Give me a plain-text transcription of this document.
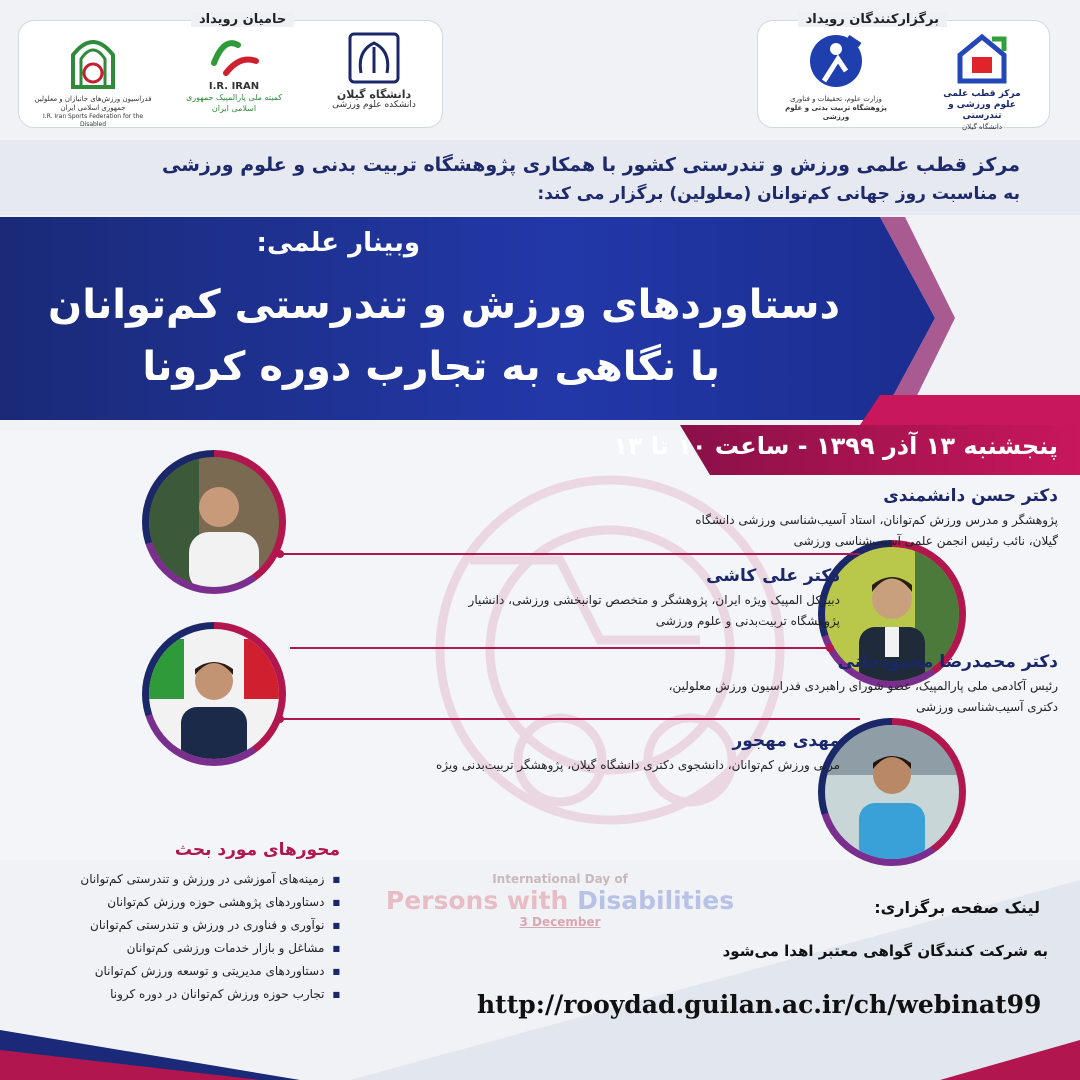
حامیان رویداد
فدراسیون ورزش‌های جانبازان و معلولین جمهوری اسلامی ایران
I.R. Iran Sports Federation for the Disabled
I.R. IRAN
کمیته ملی پارالمپیک جمهوری اسلامی ایران
دانشگاه گیلان
دانشکده علوم ورزشی
برگزارکنندگان رویداد
مرکز قطب علمی
علوم ورزشی و تندرستی
دانشگاه گیلان
وزارت علوم، تحقیقات و فناوری
پژوهشگاه تربیت بدنی و علوم ورزشی
مرکز قطب علمی ورزش و تندرستی کشور با همکاری پژوهشگاه تربیت بدنی و علوم ورزشی
به مناسبت روز جهانی کم‌توانان (معلولین) برگزار می کند:
وبینار علمی:
دستاوردهای ورزش و تندرستی کم‌توانان
با نگاهی به تجارب دوره کرونا
پنجشنبه ۱۳ آذر ۱۳۹۹ - ساعت ۱۰ تا ۱۳
دکتر حسن دانشمندی
پژوهشگر و مدرس ورزش کم‌توانان، استاد آسیب‌شناسی ورزشی دانشگاه
گیلان، نائب رئیس انجمن علمی آسیب‌شناسی ورزشی
دکتر علی کاشی
دبیرکل المپیک ویژه ایران، پژوهشگر و متخصص توانبخشی ورزشی، دانشیار
پژوهشگاه تربیت‌بدنی و علوم ورزشی
دکتر محمدرضا محمودخانی
رئیس آکادمی ملی پارالمپیک، عضو شورای راهبردی فدراسیون ورزش معلولین،
دکتری آسیب‌شناسی ورزشی
مهدی مهجور
مربی ورزش کم‌توانان، دانشجوی دکتری دانشگاه گیلان، پژوهشگر تربیت‌بدنی ویژه
محورهای مورد بحث
■ زمینه‌های آموزشی در ورزش و تندرستی کم‌توانان
■ دستاوردهای پژوهشی حوزه ورزش کم‌توانان
■ نوآوری و فناوری در ورزش و تندرستی کم‌توانان
■ مشاغل و بازار خدمات ورزشی کم‌توانان
■ دستاوردهای مدیریتی و توسعه ورزش کم‌توانان
■ تجارب حوزه ورزش کم‌توانان در دوره کرونا
International Day of
Persons with Disabilities
3 December
لینک صفحه برگزاری:
http://rooydad.guilan.ac.ir/ch/webinat99
به شرکت کنندگان گواهی معتبر اهدا می‌شود
